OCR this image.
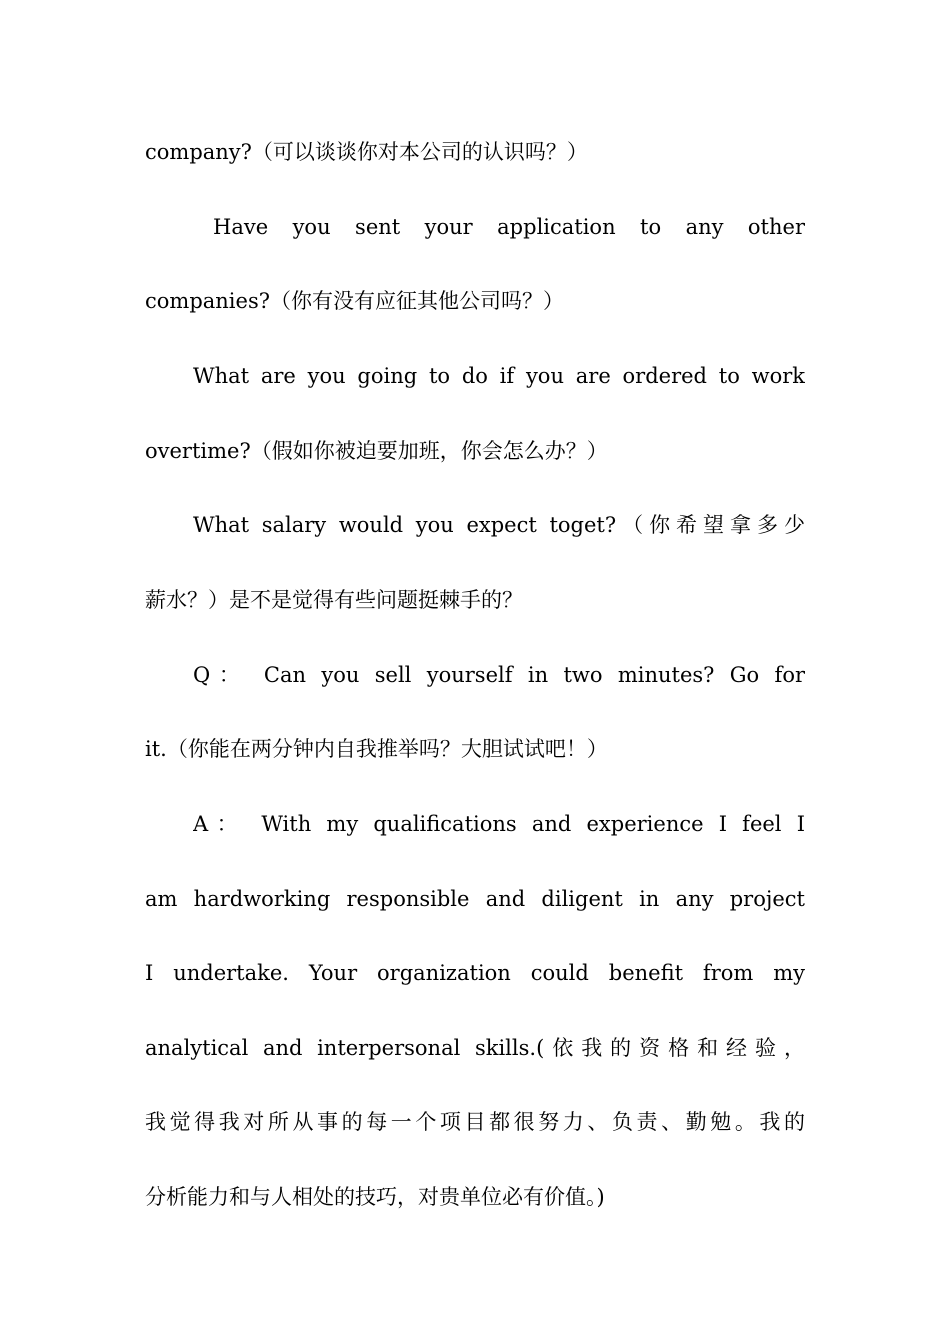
company?（可以谈谈你对本公司的认识吗？）
Have you sent your application to any other
companies?（你有没有应征其他公司吗？）
What are you going to do if you are ordered to work
overtime?（假如你被迫要加班，你会怎么办？）
What salary would you expect toget?（你希望拿多少
薪水？）是不是觉得有些问题挺棘手的？
Q： Can you sell yourself in two minutes? Go for
it.（你能在两分钟内自我推举吗？大胆试试吧！）
A： With my qualifications and experience I feel I
am hardworking responsible and diligent in any project
I undertake. Your organization could benefit from my
analytical and interpersonal skills.(依我的资格和经验，
我觉得我对所从事的每一个项目都很努力、负责、勤勉。我的
分析能力和与人相处的技巧，对贵单位必有价值。)
